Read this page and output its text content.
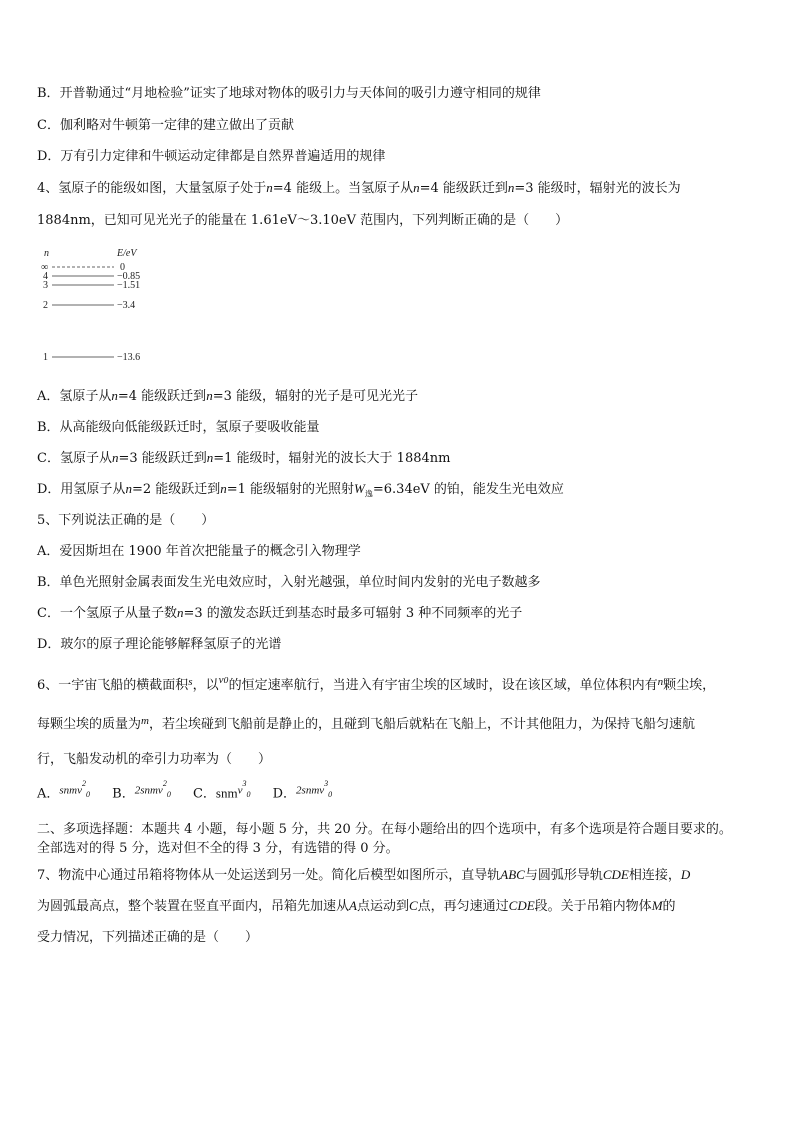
B．开普勒通过“月地检验”证实了地球对物体的吸引力与天体间的吸引力遵守相同的规律
C．伽利略对牛顿第一定律的建立做出了贡献
D．万有引力定律和牛顿运动定律都是自然界普遍适用的规律
4、氢原子的能级如图，大量氢原子处于n=4 能级上。当氢原子从n=4 能级跃迁到n=3 能级时，辐射光的波长为
1884nm，已知可见光光子的能量在 1.61eV～3.10eV 范围内，下列判断正确的是（　　）
n	E/eV
∞	0
4	−0.85
3	−1.51
2	−3.4
1	−13.6
A．氢原子从n=4 能级跃迁到n=3 能级，辐射的光子是可见光光子
B．从高能级向低能级跃迁时，氢原子要吸收能量
C．氢原子从n=3 能级跃迁到n=1 能级时，辐射光的波长大于 1884nm
D．用氢原子从n=2 能级跃迁到n=1 能级辐射的光照射$W_逸=6.34eV$ 的铂，能发生光电效应
5、下列说法正确的是（　　）
A．爱因斯坦在 1900 年首次把能量子的概念引入物理学
B．单色光照射金属表面发生光电效应时，入射光越强，单位时间内发射的光电子数越多
C．一个氢原子从量子数n=3 的激发态跃迁到基态时最多可辐射 3 种不同频率的光子
D．玻尔的原子理论能够解释氢原子的光谱
6、一宇宙飞船的横截面积$^s$，以$^v_0$的恒定速率航行，当进入有宇宙尘埃的区域时，设在该区域，单位体积内有$^n$颗尘埃，
每颗尘埃的质量为$^m$，若尘埃碰到飞船前是静止的，且碰到飞船后就粘在飞船上，不计其他阻力，为保持飞船匀速航
行，飞船发动机的牵引力功率为（　　）
A．snmv$^2_0$ B．2snmv$^2_0$ C．snmv$^3_0$ D．2snmv$^3_0$
二、多项选择题：本题共 4 小题，每小题 5 分，共 20 分。在每小题给出的四个选项中，有多个选项是符合题目要求的。
全部选对的得 5 分，选对但不全的得 3 分，有选错的得 0 分。
7、物流中心通过吊箱将物体从一处运送到另一处。简化后模型如图所示，直导轨ABC与圆弧形导轨CDE相连接，D
为圆弧最高点，整个装置在竖直平面内，吊箱先加速从A点运动到C点，再匀速通过CDE段。关于吊箱内物体M的
受力情况，下列描述正确的是（　　）
